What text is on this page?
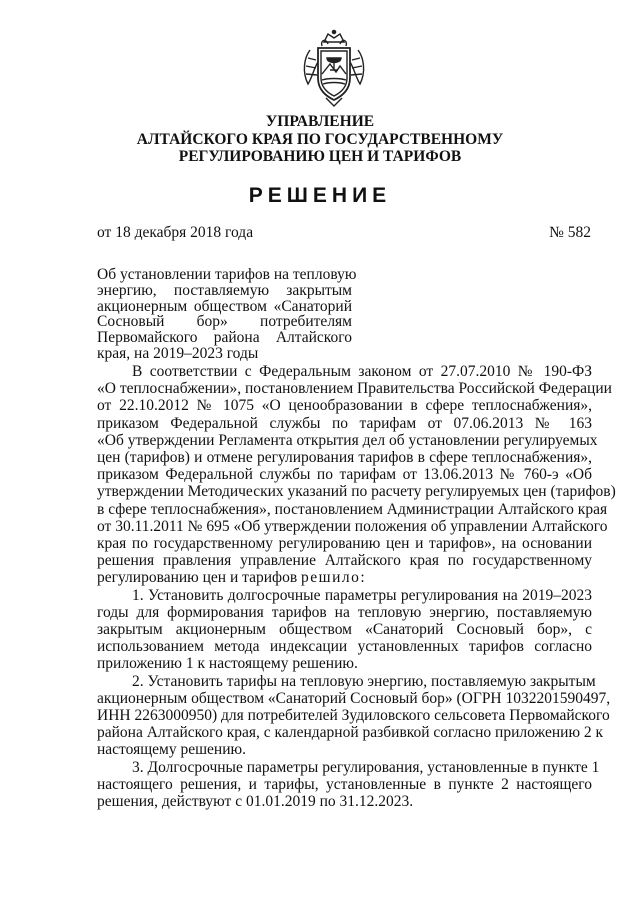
УПРАВЛЕНИЕ
АЛТАЙСКОГО КРАЯ ПО ГОСУДАРСТВЕННОМУ
РЕГУЛИРОВАНИЮ ЦЕН И ТАРИФОВ
РЕШЕНИЕ
от 18 декабря 2018 года	№ 582
Об установлении тарифов на тепловую
энергию, поставляемую закрытым
акционерным обществом «Санаторий
Сосновый бор» потребителям
Первомайского района Алтайского
края, на 2019–2023 годы
В соответствии с Федеральным законом от 27.07.2010 № 190-ФЗ
«О теплоснабжении», постановлением Правительства Российской Федерации
от 22.10.2012 № 1075 «О ценообразовании в сфере теплоснабжения»,
приказом Федеральной службы по тарифам от 07.06.2013 № 163
«Об утверждении Регламента открытия дел об установлении регулируемых
цен (тарифов) и отмене регулирования тарифов в сфере теплоснабжения»,
приказом Федеральной службы по тарифам от 13.06.2013 № 760-э «Об
утверждении Методических указаний по расчету регулируемых цен (тарифов)
в сфере теплоснабжения», постановлением Администрации Алтайского края
от 30.11.2011 № 695 «Об утверждении положения об управлении Алтайского
края по государственному регулированию цен и тарифов», на основании
решения правления управление Алтайского края по государственному
регулированию цен и тарифов решило:
1. Установить долгосрочные параметры регулирования на 2019–2023
годы для формирования тарифов на тепловую энергию, поставляемую
закрытым акционерным обществом «Санаторий Сосновый бор», с
использованием метода индексации установленных тарифов согласно
приложению 1 к настоящему решению.
2. Установить тарифы на тепловую энергию, поставляемую закрытым
акционерным обществом «Санаторий Сосновый бор» (ОГРН 1032201590497,
ИНН 2263000950) для потребителей Зудиловского сельсовета Первомайского
района Алтайского края, с календарной разбивкой согласно приложению 2 к
настоящему решению.
3. Долгосрочные параметры регулирования, установленные в пункте 1
настоящего решения, и тарифы, установленные в пункте 2 настоящего
решения, действуют с 01.01.2019 по 31.12.2023.
